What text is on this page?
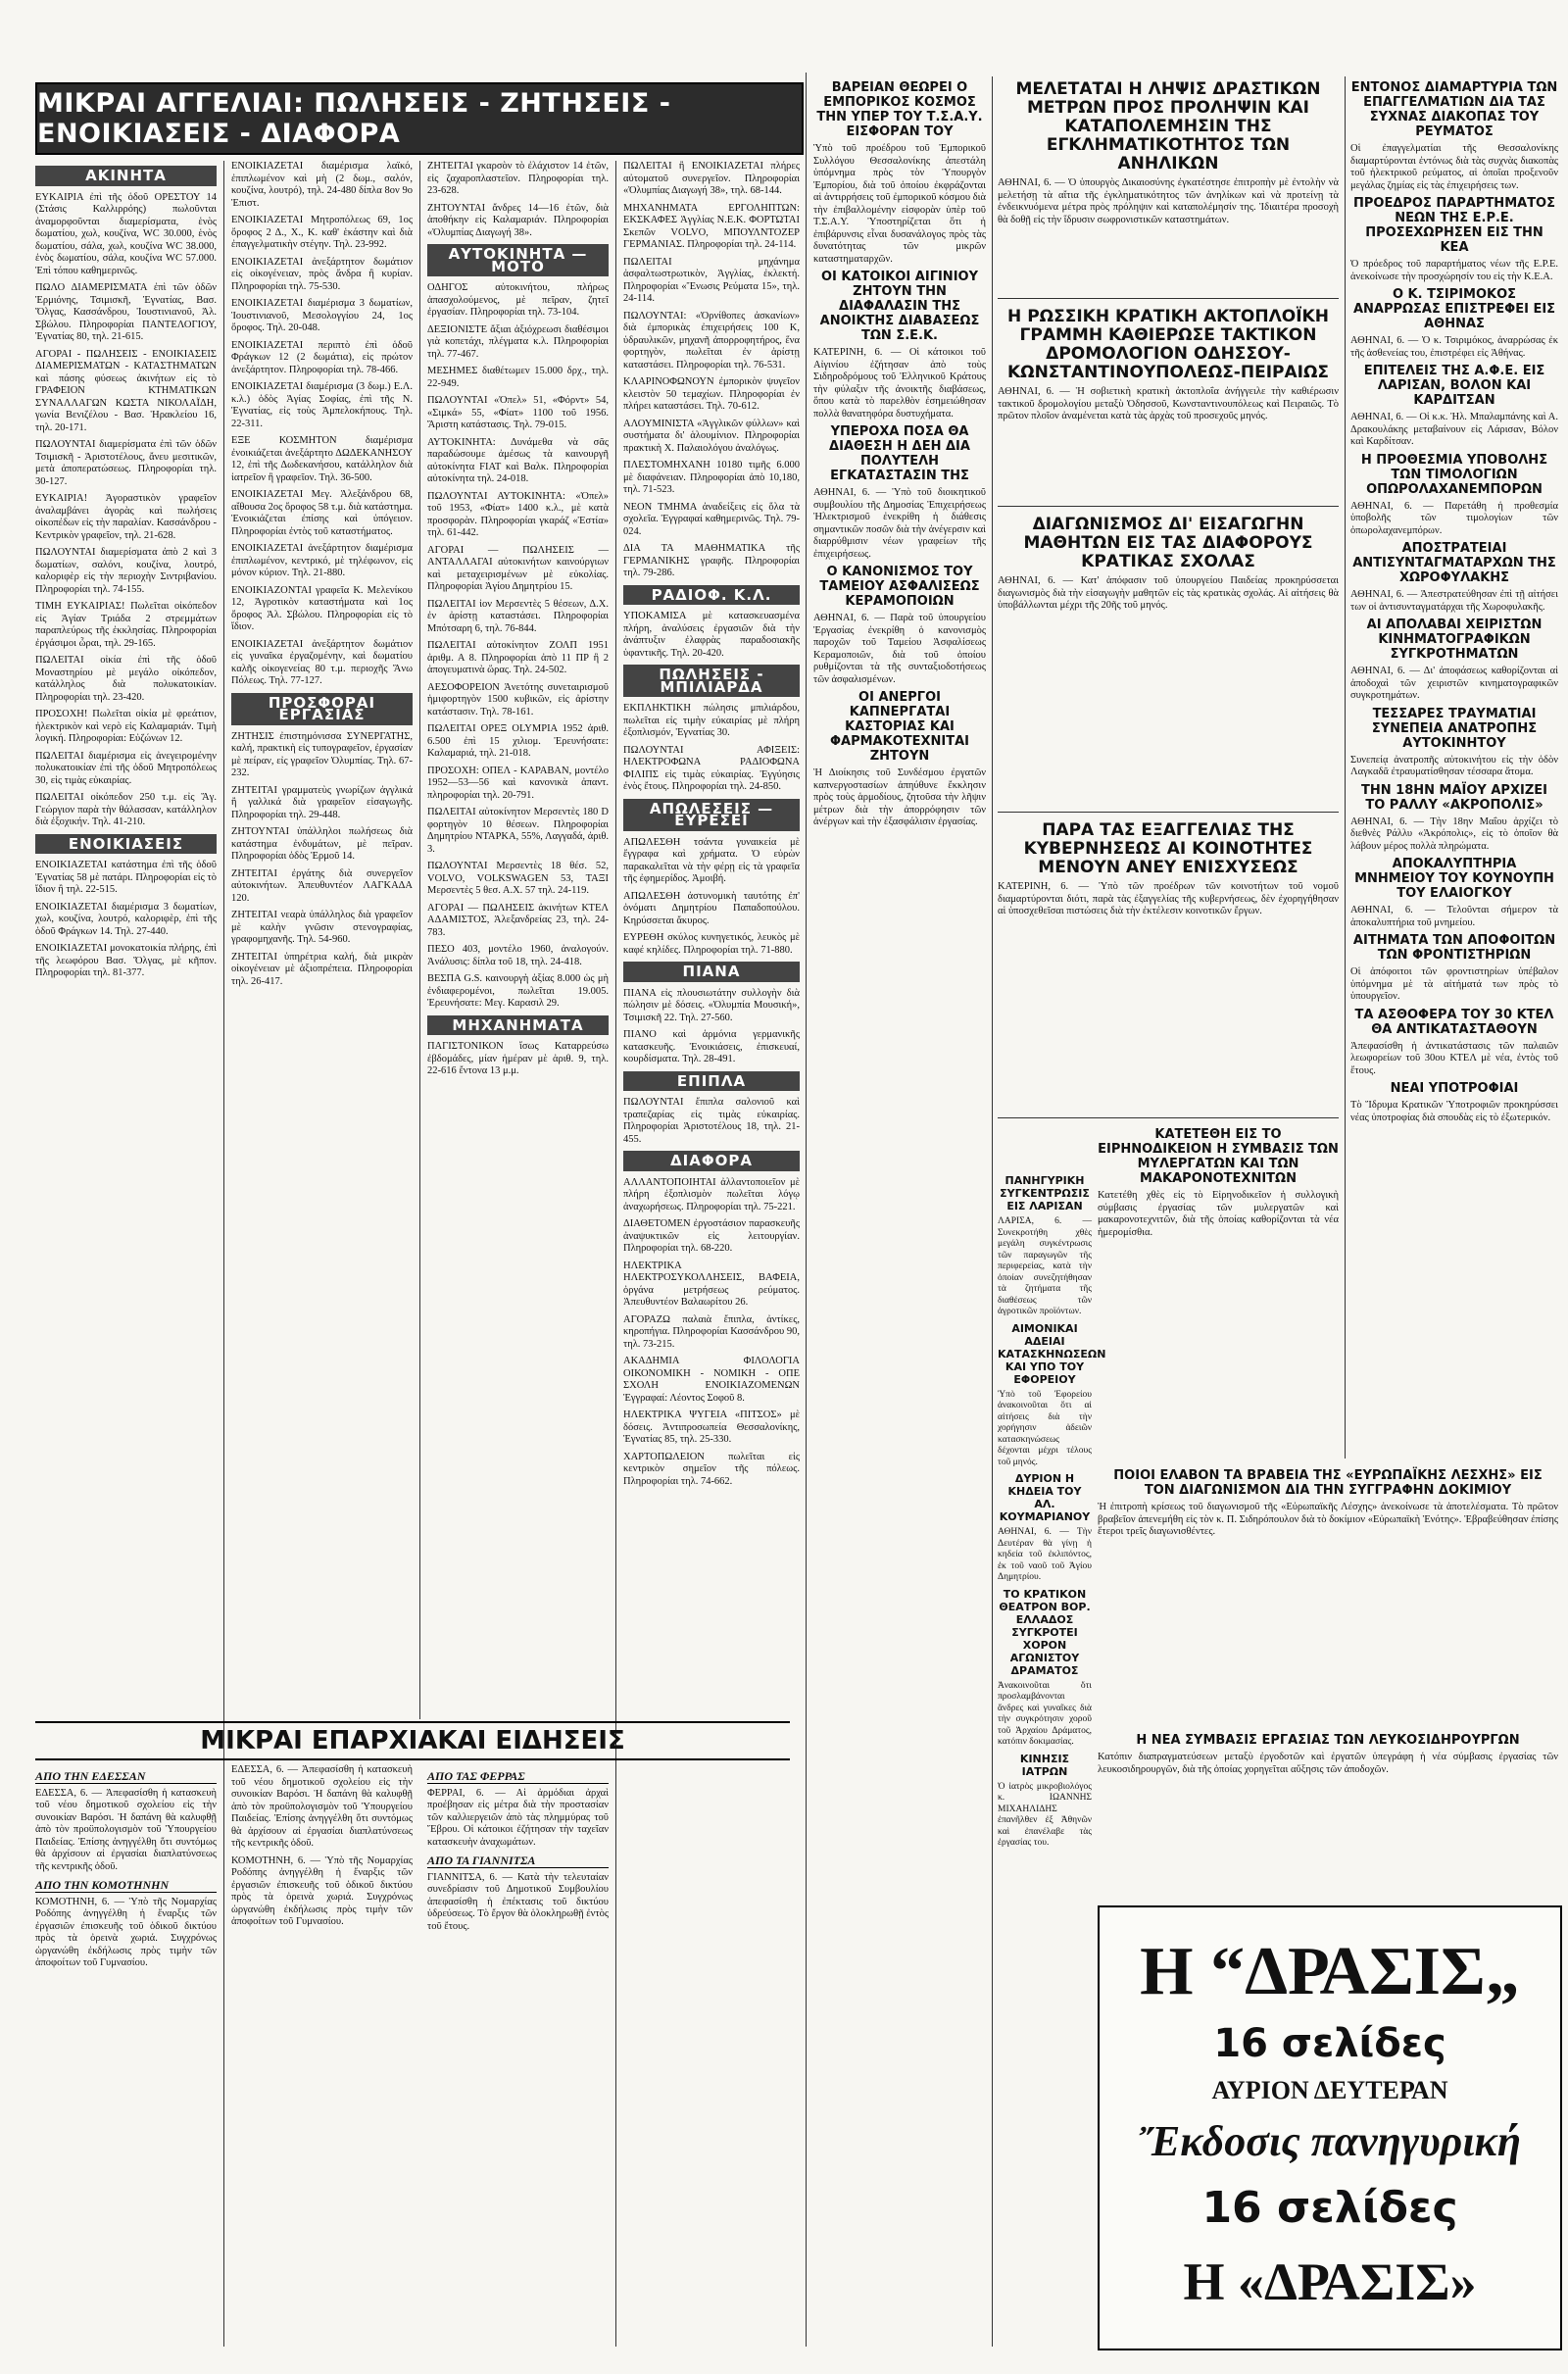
ΜΙΚΡΑΙ ΑΓΓΕΛΙΑΙ: ΠΩΛΗΣΕΙΣ - ΖΗΤΗΣΕΙΣ - ΕΝΟΙΚΙΑΣΕΙΣ - ΔΙΑΦΟΡΑ
ΑΚΙΝΗΤΑ

ΕΥΚΑΙΡΙΑ ἐπὶ τῆς ὁδοῦ ΟΡΕΣΤΟΥ 14 (Στάσις Καλλιρρόης) πωλοῦνται ἀναμορφοῦνται διαμερίσματα, ἑνὸς δωματίου, χωλ, κουζίνα, WC 30.000, ἑνὸς δωματίου, σάλα, χωλ, κουζίνα WC 38.000, ἑνὸς δωματίου, σάλα, κουζίνα WC 57.000. Ἐπὶ τόπου καθημερινῶς.

ΠΩΛΟ ΔΙΑΜΕΡΙΣΜΑΤΑ ἐπὶ τῶν ὁδῶν Ἐρμιόνης, Τσιμισκῆ, Ἐγνατίας, Βασ. Ὄλγας, Κασσάνδρου, Ἰουστινιανοῦ, Ἀλ. Σβώλου. Πληροφορίαι ΠΑΝΤΕΛΟΓΙΟΥ, Ἐγνατίας 80, τηλ. 21-615.

ΑΓΟΡΑΙ - ΠΩΛΗΣΕΙΣ - ΕΝΟΙΚΙΑΣΕΙΣ ΔΙΑΜΕΡΙΣΜΑΤΩΝ - ΚΑΤΑΣΤΗΜΑΤΩΝ καὶ πάσης φύσεως ἀκινήτων εἰς τὸ ΓΡΑΦΕΙΟΝ ΚΤΗΜΑΤΙΚΩΝ ΣΥΝΑΛΛΑΓΩΝ ΚΩΣΤΑ ΝΙΚΟΛΑΪΔΗ, γωνία Βενιζέλου - Βασ. Ἡρακλείου 16, τηλ. 20-171.

ΠΩΛΟΥΝΤΑΙ διαμερίσματα ἐπὶ τῶν ὁδῶν Τσιμισκῆ - Ἀριστοτέλους, ἄνευ μεσιτικῶν, μετὰ ἀποπερατώσεως. Πληροφορίαι τηλ. 30-127.

ΕΥΚΑΙΡΙΑ! Ἀγοραστικὸν γραφεῖον ἀναλαμβάνει ἀγορὰς καὶ πωλήσεις οἰκοπέδων εἰς τὴν παραλίαν. Κασσάνδρου - Κεντρικὸν γραφεῖον, τηλ. 21-628.

ΠΩΛΟΥΝΤΑΙ διαμερίσματα ἀπὸ 2 καὶ 3 δωματίων, σαλόνι, κουζίνα, λουτρό, καλοριφὲρ εἰς τὴν περιοχὴν Σιντριβανίου. Πληροφορίαι τηλ. 74-155.

ΤΙΜΗ ΕΥΚΑΙΡΙΑΣ! Πωλεῖται οἰκόπεδον εἰς Ἀγίαν Τριάδα 2 στρεμμάτων παραπλεύρως τῆς ἐκκλησίας. Πληροφορίαι ἐργάσιμοι ὧραι, τηλ. 29-165.

ΠΩΛΕΙΤΑΙ οἰκία ἐπὶ τῆς ὁδοῦ Μοναστηρίου μὲ μεγάλο οἰκόπεδον, κατάλληλος διὰ πολυκατοικίαν. Πληροφορίαι τηλ. 23-420.

ΠΡΟΣΟΧΗ! Πωλεῖται οἰκία μὲ φρεάτιον, ἠλεκτρικὸν καὶ νερὸ εἰς Καλαμαριάν. Τιμὴ λογική. Πληροφορίαι: Εὐζώνων 12.

ΠΩΛΕΙΤΑΙ διαμέρισμα εἰς ἀνεγειρομένην πολυκατοικίαν ἐπὶ τῆς ὁδοῦ Μητροπόλεως 30, εἰς τιμὰς εὐκαιρίας.

ΠΩΛΕΙΤΑΙ οἰκόπεδον 250 τ.μ. εἰς Ἅγ. Γεώργιον παρὰ τὴν θάλασσαν, κατάλληλον διὰ ἐξοχικήν. Τηλ. 41-210.

ΕΝΟΙΚΙΑΣΕΙΣ

ΕΝΟΙΚΙΑΖΕΤΑΙ κατάστημα ἐπὶ τῆς ὁδοῦ Ἐγνατίας 58 μὲ πατάρι. Πληροφορίαι εἰς τὸ ἴδιον ἢ τηλ. 22-515.

ΕΝΟΙΚΙΑΖΕΤΑΙ διαμέρισμα 3 δωματίων, χωλ, κουζίνα, λουτρό, καλοριφὲρ, ἐπὶ τῆς ὁδοῦ Φράγκων 14. Τηλ. 27-440.

ΕΝΟΙΚΙΑΖΕΤΑΙ μονοκατοικία πλήρης, ἐπὶ τῆς λεωφόρου Βασ. Ὄλγας, μὲ κῆπον. Πληροφορίαι τηλ. 81-377.

ΕΝΟΙΚΙΑΖΕΤΑΙ διαμέρισμα λαϊκό, ἐπιπλωμένον καὶ μὴ (2 δωμ., σαλόν, κουζίνα, λουτρό), τηλ. 24-480 δίπλα 8ον 9ο Ἐπιστ.

ΕΝΟΙΚΙΑΖΕΤΑΙ Μητροπόλεως 69, 1ος ὄροφος 2 Δ., Χ., Κ. καθ' ἑκάστην καὶ διὰ ἐπαγγελματικὴν στέγην. Τηλ. 23-992.

ΕΝΟΙΚΙΑΖΕΤΑΙ ἀνεξάρτητον δωμάτιον εἰς οἰκογένειαν, πρὸς ἄνδρα ἢ κυρίαν. Πληροφορίαι τηλ. 75-530.

ΕΝΟΙΚΙΑΖΕΤΑΙ διαμέρισμα 3 δωματίων, Ἰουστινιανοῦ, Μεσολογγίου 24, 1ος ὄροφος. Τηλ. 20-048.

ΕΝΟΙΚΙΑΖΕΤΑΙ περιπτὸ ἐπὶ ὁδοῦ Φράγκων 12 (2 δωμάτια), εἰς πρώτον ἀνεξάρτητον. Πληροφορίαι τηλ. 78-466.

ΕΝΟΙΚΙΑΖΕΤΑΙ διαμέρισμα (3 δωμ.) Ε.Λ. κ.λ.) ὁδὸς Ἀγίας Σοφίας, ἐπὶ τῆς Ν. Ἐγνατίας, εἰς τοὺς Ἀμπελοκήπους. Τηλ. 22-311.

ΕΞΕ ΚΟΣΜΗΤΟΝ διαμέρισμα ἐνοικιάζεται ἀνεξάρτητο ΔΩΔΕΚΑΝΗΣΟΥ 12, ἐπὶ τῆς Δωδεκανήσου, κατάλληλον διὰ ἰατρεῖον ἢ γραφεῖον. Τηλ. 36-500.

ΕΝΟΙΚΙΑΖΕΤΑΙ Μεγ. Ἀλεξάνδρου 68, αἴθουσα 2ος ὄροφος 58 τ.μ. διὰ κατάστημα. Ἐνοικιάζεται ἐπίσης καὶ ὑπόγειον. Πληροφορίαι ἐντὸς τοῦ καταστήματος.

ΕΝΟΙΚΙΑΖΕΤΑΙ ἀνεξάρτητον διαμέρισμα ἐπιπλωμένον, κεντρικό, μὲ τηλέφωνον, εἰς μόνον κύριον. Τηλ. 21-880.

ΕΝΟΙΚΙΑΖΟΝΤΑΙ γραφεῖα Κ. Μελενίκου 12, Ἀγροτικὸν καταστήματα καὶ 1ος ὄροφος Ἀλ. Σβώλου. Πληροφορίαι εἰς τὸ ἴδιον.

ΕΝΟΙΚΙΑΖΕΤΑΙ ἀνεξάρτητον δωμάτιον εἰς γυναῖκα ἐργαζομένην, καὶ δωματίου καλῆς οἰκογενείας 80 τ.μ. περιοχῆς Ἄνω Πόλεως. Τηλ. 77-127.

ΠΡΟΣΦΟΡΑΙ ΕΡΓΑΣΙΑΣ

ΖΗΤΗΣΙΣ ἐπιστημόνισσα ΣΥΝΕΡΓΑΤΗΣ, καλή, πρακτικὴ εἰς τυπογραφεῖον, ἐργασίαν μὲ πείραν, εἰς γραφεῖον Ὀλυμπίας. Τηλ. 67-232.

ΖΗΤΕΙΤΑΙ γραμματεὺς γνωρίζων ἀγγλικά ἢ γαλλικά διὰ γραφεῖον εἰσαγωγῆς. Πληροφορίαι τηλ. 29-448.

ΖΗΤΟΥΝΤΑΙ ὑπάλληλοι πωλήσεως διὰ κατάστημα ἐνδυμάτων, μὲ πεῖραν. Πληροφορίαι ὁδὸς Ἑρμοῦ 14.

ΖΗΤΕΙΤΑΙ ἐργάτης διὰ συνεργεῖον αὐτοκινήτων. Ἀπευθυντέον ΛΑΓΚΑΔΑ 120.

ΖΗΤΕΙΤΑΙ νεαρὰ ὑπάλληλος διὰ γραφεῖον μὲ καλὴν γνῶσιν στενογραφίας, γραφομηχανῆς. Τηλ. 54-960.

ΖΗΤΕΙΤΑΙ ὑπηρέτρια καλή, διὰ μικρὰν οἰκογένειαν μὲ ἀξιοπρέπεια. Πληροφορίαι τηλ. 26-417.

ΖΗΤΕΙΤΑΙ γκαρσὸν τὸ ἐλάχιστον 14 ἐτῶν, εἰς ζαχαροπλαστεῖον. Πληροφορίαι τηλ. 23-628.

ΖΗΤΟΥΝΤΑΙ ἄνδρες 14—16 ἐτῶν, διὰ ἀποθήκην εἰς Καλαμαριάν. Πληροφορίαι «Ὀλυμπίας Διαγωγή 38».

ΑΥΤΟΚΙΝΗΤΑ — ΜΟΤΟ

ΟΔΗΓΟΣ αὐτοκινήτου, πλήρως ἀπασχολούμενος, μὲ πεῖραν, ζητεῖ ἐργασίαν. Πληροφορίαι τηλ. 73-104.

ΔΕΞΙΟΝΙΣΤΕ ἄξιαι ἀξιόχρεωσι διαθέσιμοι γιὰ κοπετάχι, πλέγματα κ.λ. Πληροφορίαι τηλ. 77-467.

ΜΕΣΗΜΕΣ διαθέτωμεν 15.000 δρχ., τηλ. 22-949.

ΠΩΛΟΥΝΤΑΙ «Ὀπελ» 51, «Φόρντ» 54, «Σιμκά» 55, «Φίατ» 1100 τοῦ 1956. Ἄριστη κατάστασις. Τηλ. 79-015.

ΑΥΤΟΚΙΝΗΤΑ: Δυνάμεθα νὰ σᾶς παραδώσουμε ἀμέσως τὰ καινουργῆ αὐτοκίνητα FIAT καὶ Βαλκ. Πληροφορίαι αὐτοκίνητα τηλ. 24-018.

ΠΩΛΟΥΝΤΑΙ ΑΥΤΟΚΙΝΗΤΑ: «Ὀπελ» τοῦ 1953, «Φίατ» 1400 κ.λ., μὲ κατὰ προσφορὰν. Πληροφορίαι γκαράζ «Ἑστία» τηλ. 61-442.

ΑΓΟΡΑΙ — ΠΩΛΗΣΕΙΣ — ΑΝΤΑΛΛΑΓΑΙ αὐτοκινήτων καινούργιων καὶ μεταχειρισμένων μὲ εὐκολίας. Πληροφορίαι Ἁγίου Δημητρίου 15.

ΠΩΛΕΙΤΑΙ ἰον Μερσεντὲς 5 θέσεων, Δ.Χ. ἐν ἀρίστῃ καταστάσει. Πληροφορίαι Μπότσαρη 6, τηλ. 76-844.

ΠΩΛΕΙΤΑΙ αὐτοκίνητον ΖΟΛΠ 1951 ἀριθμ. Α 8. Πληροφορίαι ἀπὸ 11 ΠΡ ἢ 2 ἀπογευματινὰ ὥρας. Τηλ. 24-502.

ΑΕΣΟΦΟΡΕΙΟΝ Ἀνετότης συνεταιρισμοῦ ἡμιφορτηγὸν 1500 κυβικῶν, εἰς ἀρίστην κατάστασιν. Τηλ. 78-161.

ΠΩΛΕΙΤΑΙ ΟΡΕΞ ΟLYMPIA 1952 ἀριθ. 6.500 ἐπὶ 15 χιλιομ. Ἐρευνήσατε: Καλαμαριά, τηλ. 21-018.

ΠΡΟΣΟΧΗ: ΟΠΕΛ - ΚΑΡΑΒΑΝ, μοντέλο 1952—53—56 καὶ κανονικὰ ἀπαντ. πληροφορίαι τηλ. 20-791.

ΠΩΛΕΙΤΑΙ αὐτοκίνητον Μερσεντὲς 180 D φορτηγὸν 10 θέσεων. Πληροφορίαι Δημητρίου ΝΤΑΡΚΑ, 55%, Λαγγαδά, ἀριθ. 3.

ΠΩΛΟΥΝΤΑΙ Μερσεντὲς 18 θέσ. 52, VOLVO, VOLKSWAGEN 53, ΤΑΞΙ Μερσεντὲς 5 θεσ. Α.Χ. 57 τηλ. 24-119.

ΑΓΟΡΑΙ — ΠΩΛΗΣΕΙΣ ἀκινήτων ΚΤΕΛ ΑΔΑΜΙΣΤΟΣ, Ἀλεξανδρείας 23, τηλ. 24-783.

ΠΕΣΟ 403, μοντέλο 1960, ἀναλογούν. Ἀνάλυσις: δίπλα τοῦ 18, τηλ. 24-418.

ΒΕΣΠΑ G.S. καινουργὴ ἀξίας 8.000 ὡς μὴ ἐνδιαφερομένοι, πωλεῖται 19.005. Ἐρευνήσατε: Μεγ. Καρασιλ 29.

ΜΗΧΑΝΗΜΑΤΑ

ΠΑΓΙΣΤΟΝΙΚΟΝ ἴσως Καταρρεύσω ἐβδομάδες, μίαν ἡμέραν μὲ ἀριθ. 9, τηλ. 22-616 ἔντονα 13 μ.μ.

ΠΩΛΕΙΤΑΙ ἢ ΕΝΟΙΚΙΑΖΕΤΑΙ πλήρες αὐτοματοῦ συνεργεῖον. Πληροφορίαι «Ὀλυμπίας Διαγωγή 38», τηλ. 68-144.

ΜΗΧΑΝΗΜΑΤΑ ΕΡΓΟΛΗΠΤΩΝ: ΕΚΣΚΑΦΕΣ Ἀγγλίας Ν.Ε.Κ. ΦΟΡΤΩΤΑΙ Σκεπῶν VOLVO, ΜΠΟΥΛΝΤΟΖΕΡ ΓΕΡΜΑΝΙΑΣ. Πληροφορίαι τηλ. 24-114.

ΠΩΛΕΙΤΑΙ μηχάνημα ἀσφαλτωστρωτικὸν, Ἀγγλίας, ἐκλεκτή. Πληροφορίαι «Ἔνωσις Ρεύματα 15», τηλ. 24-114.

ΠΩΛΟΥΝΤΑΙ: «Ὀρνίθοπες ἀσκανίων» διὰ ἐμπορικὰς ἐπιχειρήσεις 100 Κ, ὑδραυλικῶν, μηχανῆ ἀπορροφητήρος, ἕνα φορτηγὸν, πωλεῖται ἐν ἀρίστῃ καταστάσει. Πληροφορίαι τηλ. 76-531.

ΚΛΑΡΙΝΟΦΩΝΟΥΝ ἐμπορικὸν ψυγεῖον κλειστὸν 50 τεμαχίων. Πληροφορίαι ἐν πλήρει καταστάσει. Τηλ. 70-612.

ΑΛΟΥΜΙΝΙΣΤΑ «Ἀγγλικῶν φύλλων» καὶ συστήματα δι' ἁλουμίνιον. Πληροφορίαι πρακτικὴ Χ. Παλαιολόγου ἀναλόγως.

ΠΛΕΣΤΟΜΗΧΑΝΗ 10180 τιμῆς 6.000 μὲ διαφάνειαν. Πληροφορίαι ἀπὸ 10,180, τηλ. 71-523.

ΝΕΟΝ ΤΜΗΜΑ ἀναδείξεις εἰς ὅλα τὰ σχολεῖα. Ἐγγραφαί καθημερινῶς. Τηλ. 79-024.

ΔΙΑ ΤΑ ΜΑΘΗΜΑΤΙΚΑ τῆς ΓΕΡΜΑΝΙΚΗΣ γραφῆς. Πληροφορίαι τηλ. 79-286.

ΡΑΔΙΟΦ. Κ.Λ.

ΥΠΟΚΑΜΙΣΑ μὲ κατασκευασμένα πλήρη, ἀναλύσεις ἐργασιῶν διὰ τὴν ἀνάπτυξιν ἐλαφρὰς παραδοσιακῆς ὑφαντικῆς. Τηλ. 20-420.

ΠΩΛΗΣΕΙΣ - ΜΠΙΛΙΑΡΔΑ

ΕΚΠΛΗΚΤΙΚΗ πώλησις μπιλιάρδου, πωλεῖται εἰς τιμὴν εὐκαιρίας μὲ πλήρη ἐξοπλισμόν, Ἐγνατίας 30.

ΠΩΛΟΥΝΤΑΙ ΑΦΙΞΕΙΣ: ΗΛΕΚΤΡΟΦΩΝΑ ΡΑΔΙΟΦΩΝΑ ΦΙΛΙΠΣ εἰς τιμὰς εὐκαιρίας. Ἐγγύησις ἐνὸς ἔτους. Πληροφορίαι τηλ. 24-850.

ΑΠΩΛΕΣΕΙΣ — ΕΥΡΕΣΕΙ

ΑΠΩΛΕΣΘΗ τσάντα γυναικεία μὲ ἔγγραφα καὶ χρήματα. Ὁ εὑρὼν παρακαλεῖται νὰ τὴν φέρῃ εἰς τὰ γραφεῖα τῆς ἐφημερίδος. Ἀμοιβή.

ΑΠΩΛΕΣΘΗ ἀστυνομικὴ ταυτότης ἐπ' ὀνόματι Δημητρίου Παπαδοπούλου. Κηρύσσεται ἄκυρος.

ΕΥΡΕΘΗ σκύλος κυνηγετικός, λευκὸς μὲ καφέ κηλίδες. Πληροφορίαι τηλ. 71-880.

ΠΙΑΝΑ

ΠΙΑΝΑ εἰς πλουσιωτάτην συλλογὴν διὰ πώλησιν μὲ δόσεις. «Ὀλυμπία Μουσική», Τσιμισκῆ 22. Τηλ. 27-560.

ΠΙΑΝΟ καὶ ἁρμόνια γερμανικῆς κατασκευῆς. Ἐνοικιάσεις, ἐπισκευαί, κουρδίσματα. Τηλ. 28-491.

ΕΠΙΠΛΑ

ΠΩΛΟΥΝΤΑΙ ἔπιπλα σαλονιοῦ καὶ τραπεζαρίας εἰς τιμὰς εὐκαιρίας. Πληροφορίαι Ἀριστοτέλους 18, τηλ. 21-455.

ΔΙΑΦΟΡΑ

ΑΛΛΑΝΤΟΠΟΙΗΤΑΙ ἀλλαντοποιεῖον μὲ πλήρη ἐξοπλισμὸν πωλεῖται λόγῳ ἀναχωρήσεως. Πληροφορίαι τηλ. 75-221.

ΔΙΑΘΕΤΟΜΕΝ ἐργοστάσιον παρασκευῆς ἀναψυκτικῶν εἰς λειτουργίαν. Πληροφορίαι τηλ. 68-220.

ΗΛΕΚΤΡΙΚΑ ΗΛΕΚΤΡΟΣΥΚΟΛΛΗΣΕΙΣ, ΒΑΦΕΙΑ, ὀργάνα μετρήσεως ρεύματος. Ἀπευθυντέον Βαλαωρίτου 26.

ΑΓΟΡΑΖΩ παλαιὰ ἔπιπλα, ἀντίκες, κηροπήγια. Πληροφορίαι Κασσάνδρου 90, τηλ. 73-215.

ΑΚΑΔΗΜΙΑ ΦΙΛΟΛΟΓΙΑ ΟΙΚΟΝΟΜΙΚΗ - ΝΟΜΙΚΗ - ΟΠΕ ΣΧΟΛΗ ΕΝΟΙΚΙΑΖΟΜΕΝΩΝ Ἐγγραφαί: Λέοντος Σοφοῦ 8.

ΗΛΕΚΤΡΙΚΑ ΨΥΓΕΙΑ «ΠΙΤΣΟΣ» μὲ δόσεις. Ἀντιπροσωπεία Θεσσαλονίκης, Ἐγνατίας 85, τηλ. 25-330.

ΧΑΡΤΟΠΩΛΕΙΟΝ πωλεῖται εἰς κεντρικὸν σημεῖον τῆς πόλεως. Πληροφορίαι τηλ. 74-662.

ΜΙΚΡΑΙ ΕΠΑΡΧΙΑΚΑΙ ΕΙΔΗΣΕΙΣ
ΑΠΟ ΤΗΝ ΕΔΕΣΣΑΝ

ΕΔΕΣΣΑ, 6. — Ἀπεφασίσθη ἡ κατασκευὴ τοῦ νέου δημοτικοῦ σχολείου εἰς τὴν συνοικίαν Βαρόσι. Ἡ δαπάνη θὰ καλυφθῇ ἀπὸ τὸν προϋπολογισμὸν τοῦ Ὑπουργείου Παιδείας. Ἐπίσης ἀνηγγέλθη ὅτι συντόμως θὰ ἀρχίσουν αἱ ἐργασίαι διαπλατύνσεως τῆς κεντρικῆς ὁδοῦ.

ΑΠΟ ΤΗΝ ΚΟΜΟΤΗΝΗΝ

ΚΟΜΟΤΗΝΗ, 6. — Ὑπὸ τῆς Νομαρχίας Ροδόπης ἀνηγγέλθη ἡ ἔναρξις τῶν ἐργασιῶν ἐπισκευῆς τοῦ ὁδικοῦ δικτύου πρὸς τὰ ὀρεινὰ χωριά. Συγχρόνως ὠργανώθη ἐκδήλωσις πρὸς τιμὴν τῶν ἀποφοίτων τοῦ Γυμνασίου.

ΕΔΕΣΣΑ, 6. — Ἀπεφασίσθη ἡ κατασκευὴ τοῦ νέου δημοτικοῦ σχολείου εἰς τὴν συνοικίαν Βαρόσι. Ἡ δαπάνη θὰ καλυφθῇ ἀπὸ τὸν προϋπολογισμὸν τοῦ Ὑπουργείου Παιδείας. Ἐπίσης ἀνηγγέλθη ὅτι συντόμως θὰ ἀρχίσουν αἱ ἐργασίαι διαπλατύνσεως τῆς κεντρικῆς ὁδοῦ.

ΚΟΜΟΤΗΝΗ, 6. — Ὑπὸ τῆς Νομαρχίας Ροδόπης ἀνηγγέλθη ἡ ἔναρξις τῶν ἐργασιῶν ἐπισκευῆς τοῦ ὁδικοῦ δικτύου πρὸς τὰ ὀρεινὰ χωριά. Συγχρόνως ὠργανώθη ἐκδήλωσις πρὸς τιμὴν τῶν ἀποφοίτων τοῦ Γυμνασίου.

ΑΠΟ ΤΑΣ ΦΕΡΡΑΣ

ΦΕΡΡΑΙ, 6. — Αἱ ἀρμόδιαι ἀρχαὶ προέβησαν εἰς μέτρα διὰ τὴν προστασίαν τῶν καλλιεργειῶν ἀπὸ τὰς πλημμύρας τοῦ Ἕβρου. Οἱ κάτοικοι ἐζήτησαν τὴν ταχεῖαν κατασκευὴν ἀναχωμάτων.

ΑΠΟ ΤΑ ΓΙΑΝΝΙΤΣΑ

ΓΙΑΝΝΙΤΣΑ, 6. — Κατὰ τὴν τελευταίαν συνεδρίασιν τοῦ Δημοτικοῦ Συμβουλίου ἀπεφασίσθη ἡ ἐπέκτασις τοῦ δικτύου ὑδρεύσεως. Τὸ ἔργον θὰ ὁλοκληρωθῇ ἐντὸς τοῦ ἔτους.

ΒΑΡΕΙΑΝ ΘΕΩΡΕΙ Ο ΕΜΠΟΡΙΚΟΣ ΚΟΣΜΟΣ ΤΗΝ ΥΠΕΡ ΤΟΥ Τ.Σ.Α.Υ. ΕΙΣΦΟΡΑΝ ΤΟΥ

Ὑπὸ τοῦ προέδρου τοῦ Ἐμπορικοῦ Συλλόγου Θεσσαλονίκης ἀπεστάλη ὑπόμνημα πρὸς τὸν Ὑπουργὸν Ἐμπορίου, διὰ τοῦ ὁποίου ἐκφράζονται αἱ ἀντιρρήσεις τοῦ ἐμπορικοῦ κόσμου διὰ τὴν ἐπιβαλλομένην εἰσφορὰν ὑπὲρ τοῦ Τ.Σ.Α.Υ. Ὑποστηρίζεται ὅτι ἡ ἐπιβάρυνσις εἶναι δυσανάλογος πρὸς τὰς δυνατότητας τῶν μικρῶν καταστηματαρχῶν.

ΟΙ ΚΑΤΟΙΚΟΙ ΑΙΓΙΝΙΟΥ ΖΗΤΟΥΝ ΤΗΝ ΔΙΑΦΑΛΑΣΙΝ ΤΗΣ ΑΝΟΙΚΤΗΣ ΔΙΑΒΑΣΕΩΣ ΤΩΝ Σ.Ε.Κ.

ΚΑΤΕΡΙΝΗ, 6. — Οἱ κάτοικοι τοῦ Αἰγινίου ἐζήτησαν ἀπὸ τοὺς Σιδηροδρόμους τοῦ Ἑλληνικοῦ Κράτους τὴν φύλαξιν τῆς ἀνοικτῆς διαβάσεως, ὅπου κατὰ τὸ παρελθὸν ἐσημειώθησαν πολλὰ θανατηφόρα δυστυχήματα.

ΥΠΕΡΟΧΑ ΠΟΣΑ ΘΑ ΔΙΑΘΕΣΗ Η ΔΕΗ ΔΙΑ ΠΟΛΥΤΕΛΗ ΕΓΚΑΤΑΣΤΑΣΙΝ ΤΗΣ

ΑΘΗΝΑΙ, 6. — Ὑπὸ τοῦ διοικητικοῦ συμβουλίου τῆς Δημοσίας Ἐπιχειρήσεως Ἠλεκτρισμοῦ ἐνεκρίθη ἡ διάθεσις σημαντικῶν ποσῶν διὰ τὴν ἀνέγερσιν καὶ διαρρύθμισιν νέων γραφείων τῆς ἐπιχειρήσεως.

Ο ΚΑΝΟΝΙΣΜΟΣ ΤΟΥ ΤΑΜΕΙΟΥ ΑΣΦΑΛΙΣΕΩΣ ΚΕΡΑΜΟΠΟΙΩΝ

ΑΘΗΝΑΙ, 6. — Παρὰ τοῦ ὑπουργείου Ἐργασίας ἐνεκρίθη ὁ κανονισμὸς παροχῶν τοῦ Ταμείου Ἀσφαλίσεως Κεραμοποιῶν, διὰ τοῦ ὁποίου ρυθμίζονται τὰ τῆς συνταξιοδοτήσεως τῶν ἀσφαλισμένων.

ΟΙ ΑΝΕΡΓΟΙ ΚΑΠΝΕΡΓΑΤΑΙ ΚΑΣΤΟΡΙΑΣ ΚΑΙ ΦΑΡΜΑΚΟΤΕΧΝΙΤΑΙ ΖΗΤΟΥΝ

Ἡ Διοίκησις τοῦ Συνδέσμου ἐργατῶν καπνεργοστασίων ἀπηύθυνε ἔκκλησιν πρὸς τοὺς ἁρμοδίους, ζητοῦσα τὴν λῆψιν μέτρων διὰ τὴν ἀπορρόφησιν τῶν ἀνέργων καὶ τὴν ἐξασφάλισιν ἐργασίας.

ΠΑΝΗΓΥΡΙΚΗ ΣΥΓΚΕΝΤΡΩΣΙΣ ΕΙΣ ΛΑΡΙΣΑΝ

ΛΑΡΙΣΑ, 6. — Συνεκροτήθη χθὲς μεγάλη συγκέντρωσις τῶν παραγωγῶν τῆς περιφερείας, κατὰ τὴν ὁποίαν συνεζητήθησαν τὰ ζητήματα τῆς διαθέσεως τῶν ἀγροτικῶν προϊόντων.

ΑΙΜΟΝΙΚΑΙ ΑΔΕΙΑΙ ΚΑΤΑΣΚΗΝΩΣΕΩΝ ΚΑΙ ΥΠΟ ΤΟΥ ΕΦΟΡΕΙΟΥ

Ὑπὸ τοῦ Ἐφορείου ἀνακοινοῦται ὅτι αἱ αἰτήσεις διὰ τὴν χορήγησιν ἀδειῶν κατασκηνώσεως δέχονται μέχρι τέλους τοῦ μηνός.

ΔΥΡΙΟΝ Η ΚΗΔΕΙΑ ΤΟΥ ΑΛ. ΚΟΥΜΑΡΙΑΝΟΥ

ΑΘΗΝΑΙ, 6. — Τὴν Δευτέραν θὰ γίνῃ ἡ κηδεία τοῦ ἐκλιπόντος, ἐκ τοῦ ναοῦ τοῦ Ἁγίου Δημητρίου.

ΤΟ ΚΡΑΤΙΚΟΝ ΘΕΑΤΡΟΝ ΒΟΡ. ΕΛΛΑΔΟΣ ΣΥΓΚΡΟΤΕΙ ΧΟΡΟΝ ΑΓΩΝΙΣΤΟΥ ΔΡΑΜΑΤΟΣ

Ἀνακοινοῦται ὅτι προσλαμβάνονται ἄνδρες καὶ γυναῖκες διὰ τὴν συγκρότησιν χοροῦ τοῦ Ἀρχαίου Δράματος, κατόπιν δοκιμασίας.

ΚΙΝΗΣΙΣ ΙΑΤΡΩΝ

Ὁ ἰατρὸς μικροβιολόγος κ. ΙΩΑΝΝΗΣ ΜΙΧΑΗΛΙΔΗΣ ἐπανῆλθεν ἐξ Ἀθηνῶν καὶ ἐπανέλαβε τὰς ἐργασίας του.

ΜΕΛΕΤΑΤΑΙ Η ΛΗΨΙΣ ΔΡΑΣΤΙΚΩΝ ΜΕΤΡΩΝ ΠΡΟΣ ΠΡΟΛΗΨΙΝ ΚΑΙ ΚΑΤΑΠΟΛΕΜΗΣΙΝ ΤΗΣ ΕΓΚΛΗΜΑΤΙΚΟΤΗΤΟΣ ΤΩΝ ΑΝΗΛΙΚΩΝ

ΑΘΗΝΑΙ, 6. — Ὁ ὑπουργὸς Δικαιοσύνης ἐγκατέστησε ἐπιτροπὴν μὲ ἐντολὴν νὰ μελετήσῃ τὰ αἴτια τῆς ἐγκληματικότητος τῶν ἀνηλίκων καὶ νὰ προτείνῃ τὰ ἐνδεικνυόμενα μέτρα πρὸς πρόληψιν καὶ καταπολέμησίν της. Ἰδιαιτέρα προσοχὴ θὰ δοθῇ εἰς τὴν ἵδρυσιν σωφρονιστικῶν καταστημάτων.

Η ΡΩΣΣΙΚΗ ΚΡΑΤΙΚΗ ΑΚΤΟΠΛΟΪΚΗ ΓΡΑΜΜΗ ΚΑΘΙΕΡΩΣΕ ΤΑΚΤΙΚΟΝ ΔΡΟΜΟΛΟΓΙΟΝ ΟΔΗΣΣΟΥ-ΚΩΝΣΤΑΝΤΙΝΟΥΠΟΛΕΩΣ-ΠΕΙΡΑΙΩΣ

ΑΘΗΝΑΙ, 6. — Ἡ σοβιετικὴ κρατικὴ ἀκτοπλοΐα ἀνήγγειλε τὴν καθιέρωσιν τακτικοῦ δρομολογίου μεταξὺ Ὀδησσοῦ, Κωνσταντινουπόλεως καὶ Πειραιῶς. Τὸ πρῶτον πλοῖον ἀναμένεται κατὰ τὰς ἀρχὰς τοῦ προσεχοῦς μηνός.

ΔΙΑΓΩΝΙΣΜΟΣ ΔΙ' ΕΙΣΑΓΩΓΗΝ ΜΑΘΗΤΩΝ ΕΙΣ ΤΑΣ ΔΙΑΦΟΡΟΥΣ ΚΡΑΤΙΚΑΣ ΣΧΟΛΑΣ

ΑΘΗΝΑΙ, 6. — Κατ' ἀπόφασιν τοῦ ὑπουργείου Παιδείας προκηρύσσεται διαγωνισμὸς διὰ τὴν εἰσαγωγὴν μαθητῶν εἰς τὰς κρατικὰς σχολάς. Αἱ αἰτήσεις θὰ ὑποβάλλωνται μέχρι τῆς 20ῆς τοῦ μηνός.

ΠΑΡΑ ΤΑΣ ΕΞΑΓΓΕΛΙΑΣ ΤΗΣ ΚΥΒΕΡΝΗΣΕΩΣ ΑΙ ΚΟΙΝΟΤΗΤΕΣ ΜΕΝΟΥΝ ΑΝΕΥ ΕΝΙΣΧΥΣΕΩΣ

ΚΑΤΕΡΙΝΗ, 6. — Ὑπὸ τῶν προέδρων τῶν κοινοτήτων τοῦ νομοῦ διαμαρτύρονται διότι, παρὰ τὰς ἐξαγγελίας τῆς κυβερνήσεως, δὲν ἐχορηγήθησαν αἱ ὑποσχεθεῖσαι πιστώσεις διὰ τὴν ἐκτέλεσιν κοινοτικῶν ἔργων.

ΚΑΤΕΤΕΘΗ ΕΙΣ ΤΟ ΕΙΡΗΝΟΔΙΚΕΙΟΝ Η ΣΥΜΒΑΣΙΣ ΤΩΝ ΜΥΛΕΡΓΑΤΩΝ ΚΑΙ ΤΩΝ ΜΑΚΑΡΟΝΟΤΕΧΝΙΤΩΝ

Κατετέθη χθὲς εἰς τὸ Εἰρηνοδικεῖον ἡ συλλογικὴ σύμβασις ἐργασίας τῶν μυλεργατῶν καὶ μακαρονοτεχνιτῶν, διὰ τῆς ὁποίας καθορίζονται τὰ νέα ἡμερομίσθια.

ΠΟΙΟΙ ΕΛΑΒΟΝ ΤΑ ΒΡΑΒΕΙΑ ΤΗΣ «ΕΥΡΩΠΑΪΚΗΣ ΛΕΣΧΗΣ» ΕΙΣ ΤΟΝ ΔΙΑΓΩΝΙΣΜΟΝ ΔΙΑ ΤΗΝ ΣΥΓΓΡΑΦΗΝ ΔΟΚΙΜΙΟΥ

Ἡ ἐπιτροπὴ κρίσεως τοῦ διαγωνισμοῦ τῆς «Εὐρωπαϊκῆς Λέσχης» ἀνεκοίνωσε τὰ ἀποτελέσματα. Τὸ πρῶτον βραβεῖον ἀπενεμήθη εἰς τὸν κ. Π. Σιδηρόπουλον διὰ τὸ δοκίμιον «Εὐρωπαϊκὴ Ἑνότης». Ἐβραβεύθησαν ἐπίσης ἕτεροι τρεῖς διαγωνισθέντες.

Η ΝΕΑ ΣΥΜΒΑΣΙΣ ΕΡΓΑΣΙΑΣ ΤΩΝ ΛΕΥΚΟΣΙΔΗΡΟΥΡΓΩΝ

Κατόπιν διαπραγματεύσεων μεταξὺ ἐργοδοτῶν καὶ ἐργατῶν ὑπεγράφη ἡ νέα σύμβασις ἐργασίας τῶν λευκοσιδηρουργῶν, διὰ τῆς ὁποίας χορηγεῖται αὔξησις τῶν ἀποδοχῶν.

ΕΝΤΟΝΟΣ ΔΙΑΜΑΡΤΥΡΙΑ ΤΩΝ ΕΠΑΓΓΕΛΜΑΤΙΩΝ ΔΙΑ ΤΑΣ ΣΥΧΝΑΣ ΔΙΑΚΟΠΑΣ ΤΟΥ ΡΕΥΜΑΤΟΣ

Οἱ ἐπαγγελματίαι τῆς Θεσσαλονίκης διαμαρτύρονται ἐντόνως διὰ τὰς συχνὰς διακοπὰς τοῦ ἠλεκτρικοῦ ρεύματος, αἱ ὁποῖαι προξενοῦν μεγάλας ζημίας εἰς τὰς ἐπιχειρήσεις των.

ΠΡΟΕΔΡΟΣ ΠΑΡΑΡΤΗΜΑΤΟΣ ΝΕΩΝ ΤΗΣ Ε.Ρ.Ε. ΠΡΟΣΕΧΩΡΗΣΕΝ ΕΙΣ ΤΗΝ ΚΕΑ

Ὁ πρόεδρος τοῦ παραρτήματος νέων τῆς Ε.Ρ.Ε. ἀνεκοίνωσε τὴν προσχώρησίν του εἰς τὴν Κ.Ε.Α.

Ο Κ. ΤΣΙΡΙΜΟΚΟΣ ΑΝΑΡΡΩΣΑΣ ΕΠΙΣΤΡΕΦΕΙ ΕΙΣ ΑΘΗΝΑΣ

ΑΘΗΝΑΙ, 6. — Ὁ κ. Τσιριμόκος, ἀναρρώσας ἐκ τῆς ἀσθενείας του, ἐπιστρέφει εἰς Ἀθήνας.

ΕΠΙΤΕΛΕΙΣ ΤΗΣ Α.Φ.Ε. ΕΙΣ ΛΑΡΙΣΑΝ, ΒΟΛΟΝ ΚΑΙ ΚΑΡΔΙΤΣΑΝ

ΑΘΗΝΑΙ, 6. — Οἱ κ.κ. Ἠλ. Μπαλαμπάνης καὶ Α. Δρακουλάκης μεταβαίνουν εἰς Λάρισαν, Βόλον καὶ Καρδίτσαν.

Η ΠΡΟΘΕΣΜΙΑ ΥΠΟΒΟΛΗΣ ΤΩΝ ΤΙΜΟΛΟΓΙΩΝ ΟΠΩΡΟΛΑΧΑΝΕΜΠΟΡΩΝ

ΑΘΗΝΑΙ, 6. — Παρετάθη ἡ προθεσμία ὑποβολῆς τῶν τιμολογίων τῶν ὀπωρολαχανεμπόρων.

ΑΠΟΣΤΡΑΤΕΙΑΙ ΑΝΤΙΣΥΝΤΑΓΜΑΤΑΡΧΩΝ ΤΗΣ ΧΩΡΟΦΥΛΑΚΗΣ

ΑΘΗΝΑΙ, 6. — Ἀπεστρατεύθησαν ἐπὶ τῇ αἰτήσει των οἱ ἀντισυνταγματάρχαι τῆς Χωροφυλακῆς.

ΑΙ ΑΠΟΛΑΒΑΙ ΧΕΙΡΙΣΤΩΝ ΚΙΝΗΜΑΤΟΓΡΑΦΙΚΩΝ ΣΥΓΚΡΟΤΗΜΑΤΩΝ

ΑΘΗΝΑΙ, 6. — Δι' ἀποφάσεως καθορίζονται αἱ ἀποδοχαὶ τῶν χειριστῶν κινηματογραφικῶν συγκροτημάτων.

ΤΕΣΣΑΡΕΣ ΤΡΑΥΜΑΤΙΑΙ ΣΥΝΕΠΕΙΑ ΑΝΑΤΡΟΠΗΣ ΑΥΤΟΚΙΝΗΤΟΥ

Συνεπείᾳ ἀνατροπῆς αὐτοκινήτου εἰς τὴν ὁδὸν Λαγκαδᾶ ἐτραυματίσθησαν τέσσαρα ἄτομα.

ΤΗΝ 18ΗΝ ΜΑΪΟΥ ΑΡΧΙΖΕΙ ΤΟ ΡΑΛΛΥ «ΑΚΡΟΠΟΛΙΣ»

ΑΘΗΝΑΙ, 6. — Τὴν 18ην Μαΐου ἀρχίζει τὸ διεθνὲς Ράλλυ «Ἀκρόπολις», εἰς τὸ ὁποῖον θὰ λάβουν μέρος πολλὰ πληρώματα.

ΑΠΟΚΑΛΥΠΤΗΡΙΑ ΜΝΗΜΕΙΟΥ ΤΟΥ ΚΟΥΝΟΥΠΗ ΤΟΥ ΕΛΑΙΟΓΚΟΥ

ΑΘΗΝΑΙ, 6. — Τελοῦνται σήμερον τὰ ἀποκαλυπτήρια τοῦ μνημείου.

ΑΙΤΗΜΑΤΑ ΤΩΝ ΑΠΟΦΟΙΤΩΝ ΤΩΝ ΦΡΟΝΤΙΣΤΗΡΙΩΝ

Οἱ ἀπόφοιτοι τῶν φροντιστηρίων ὑπέβαλον ὑπόμνημα μὲ τὰ αἰτήματά των πρὸς τὸ ὑπουργεῖον.

ΤΑ ΑΣΘΟΦΕΡΑ ΤΟΥ 30 ΚΤΕΛ ΘΑ ΑΝΤΙΚΑΤΑΣΤΑΘΟΥΝ

Ἀπεφασίσθη ἡ ἀντικατάστασις τῶν παλαιῶν λεωφορείων τοῦ 30ου ΚΤΕΛ μὲ νέα, ἐντὸς τοῦ ἔτους.

ΝΕΑΙ ΥΠΟΤΡΟΦΙΑΙ

Τὸ Ἵδρυμα Κρατικῶν Ὑποτροφιῶν προκηρύσσει νέας ὑποτροφίας διὰ σπουδὰς εἰς τὸ ἐξωτερικόν.

Η “ΔΡΑΣΙΣ„
16 σελίδες
ΑΥΡΙΟΝ ΔΕΥΤΕΡΑΝ
Ἔκδοσις πανηγυρική
16 σελίδες
Η «ΔΡΑΣΙΣ»
